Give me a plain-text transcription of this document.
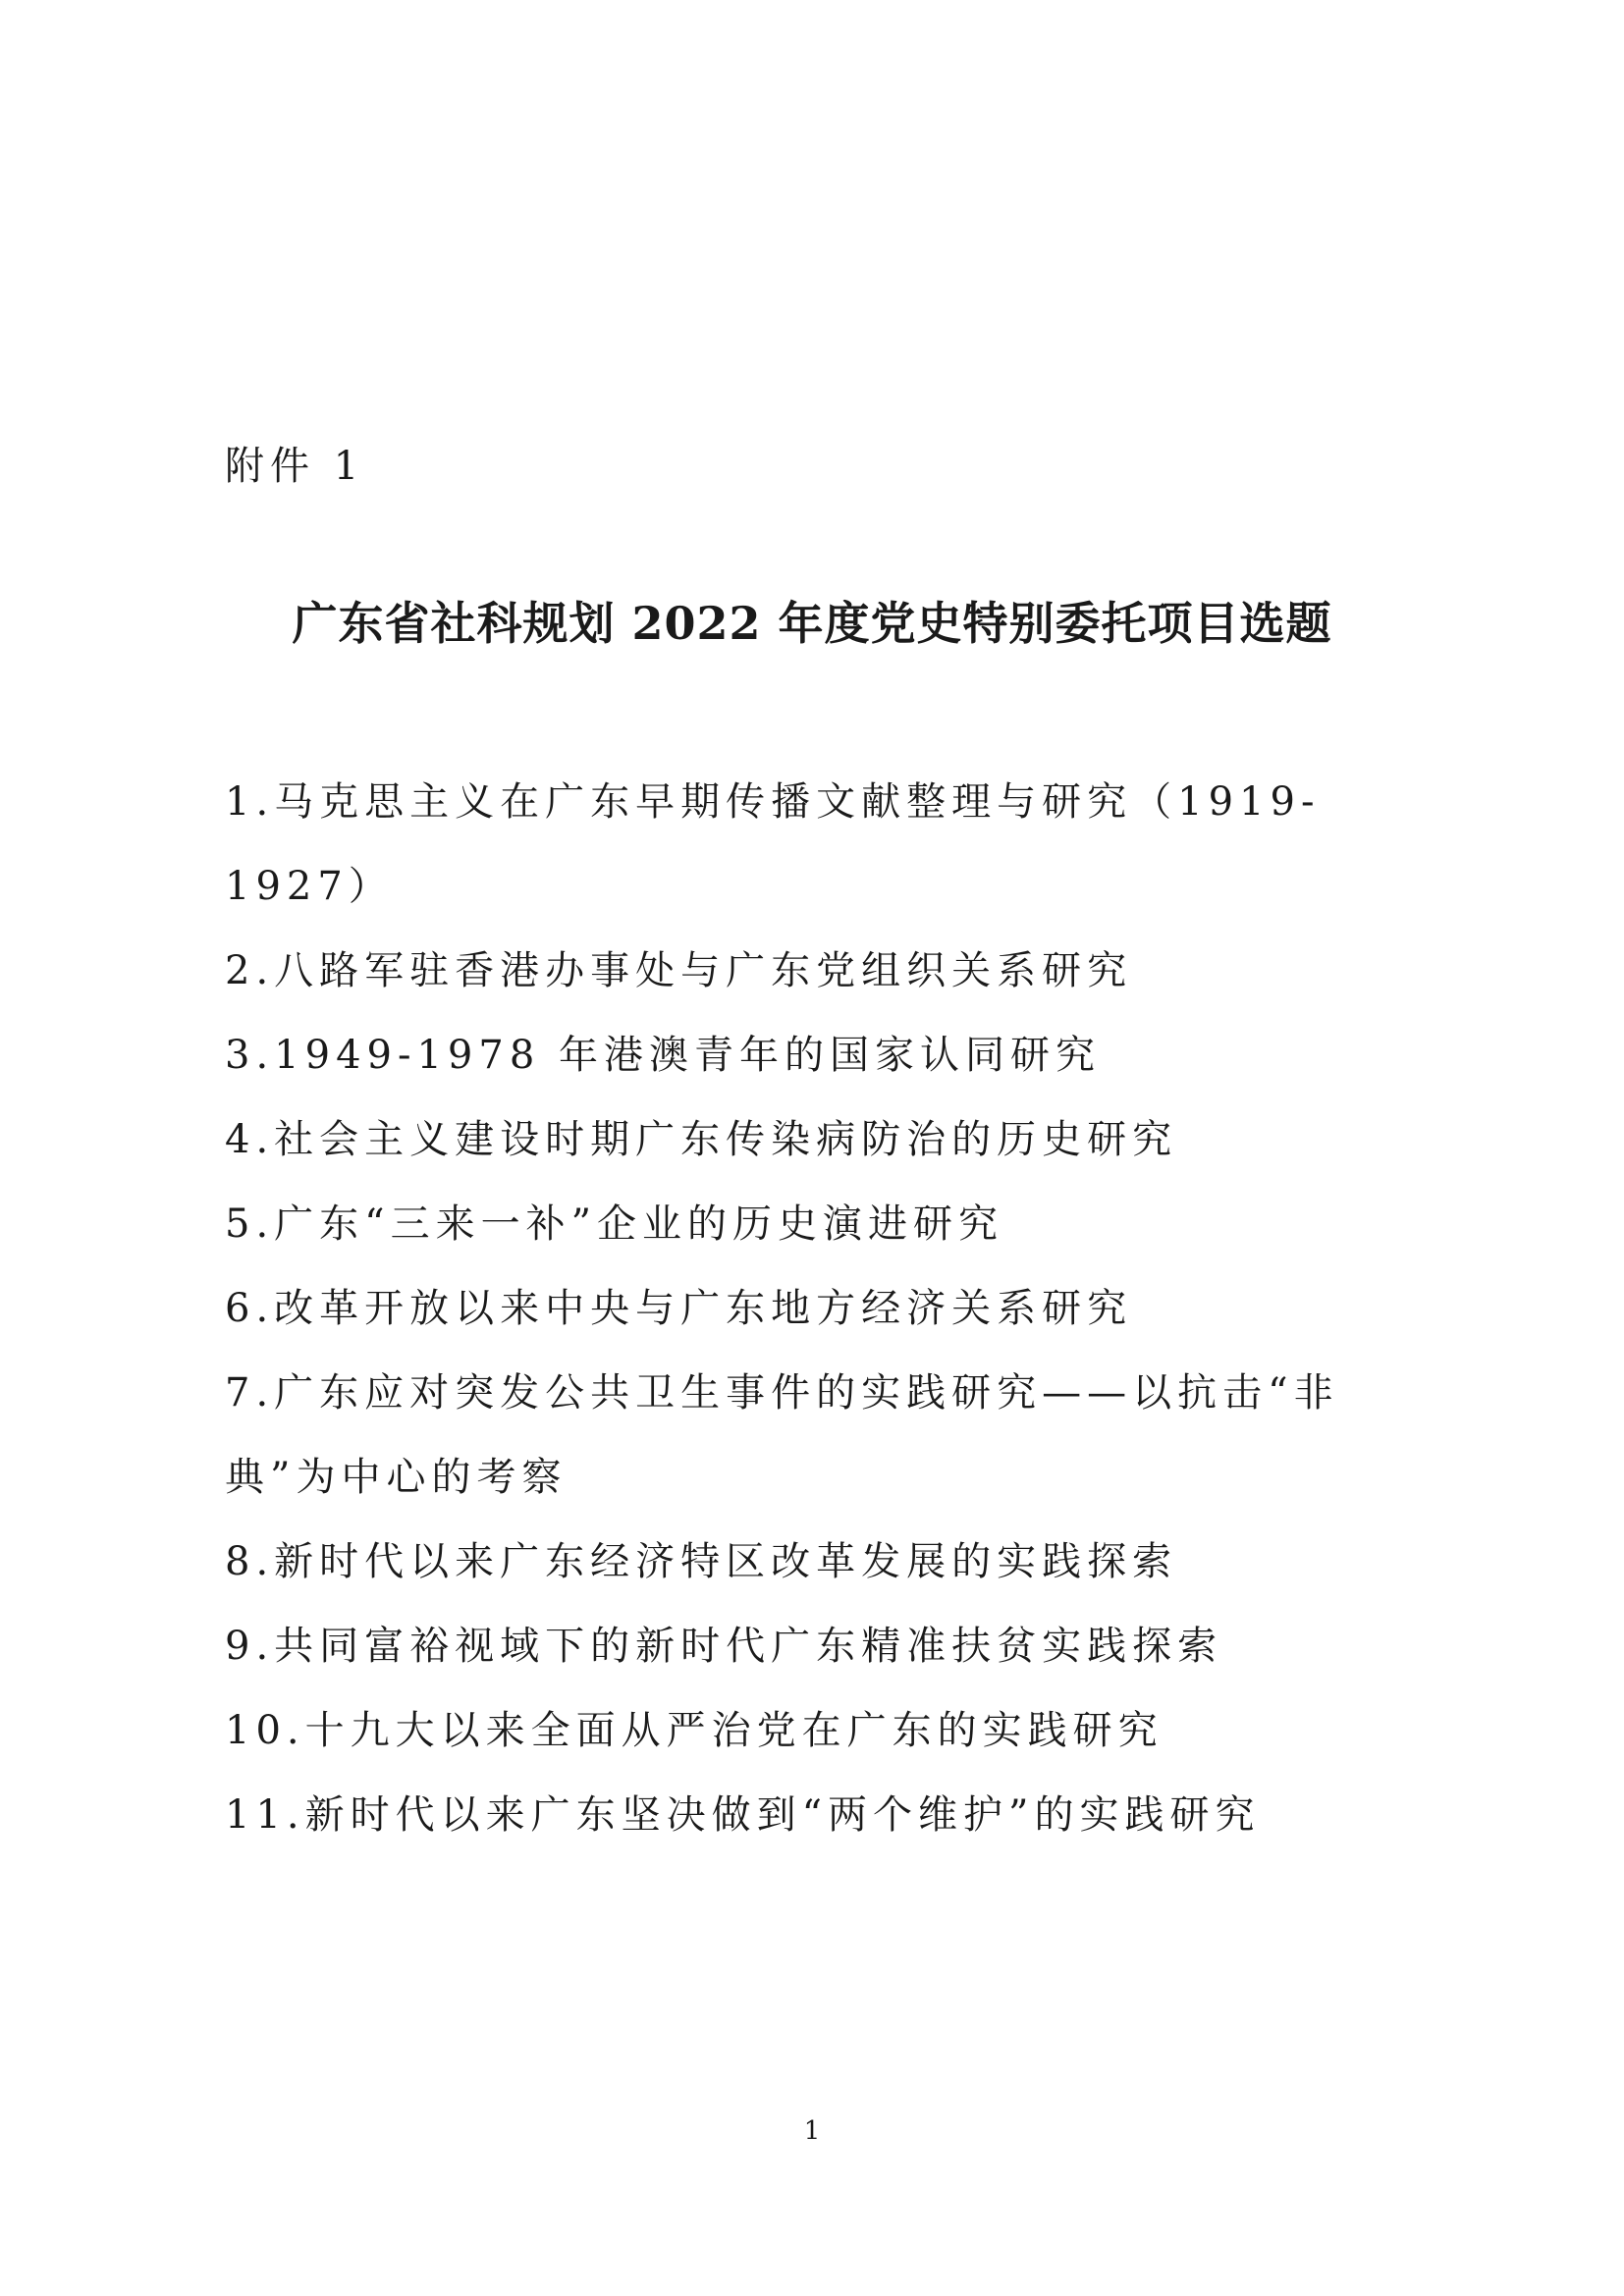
附件 1
广东省社科规划 2022 年度党史特别委托项目选题
1.马克思主义在广东早期传播文献整理与研究（1919-1927）
2.八路军驻香港办事处与广东党组织关系研究
3.1949-1978 年港澳青年的国家认同研究
4.社会主义建设时期广东传染病防治的历史研究
5.广东“三来一补”企业的历史演进研究
6.改革开放以来中央与广东地方经济关系研究
7.广东应对突发公共卫生事件的实践研究——以抗击“非典”为中心的考察
8.新时代以来广东经济特区改革发展的实践探索
9.共同富裕视域下的新时代广东精准扶贫实践探索
10.十九大以来全面从严治党在广东的实践研究
11.新时代以来广东坚决做到“两个维护”的实践研究
1
